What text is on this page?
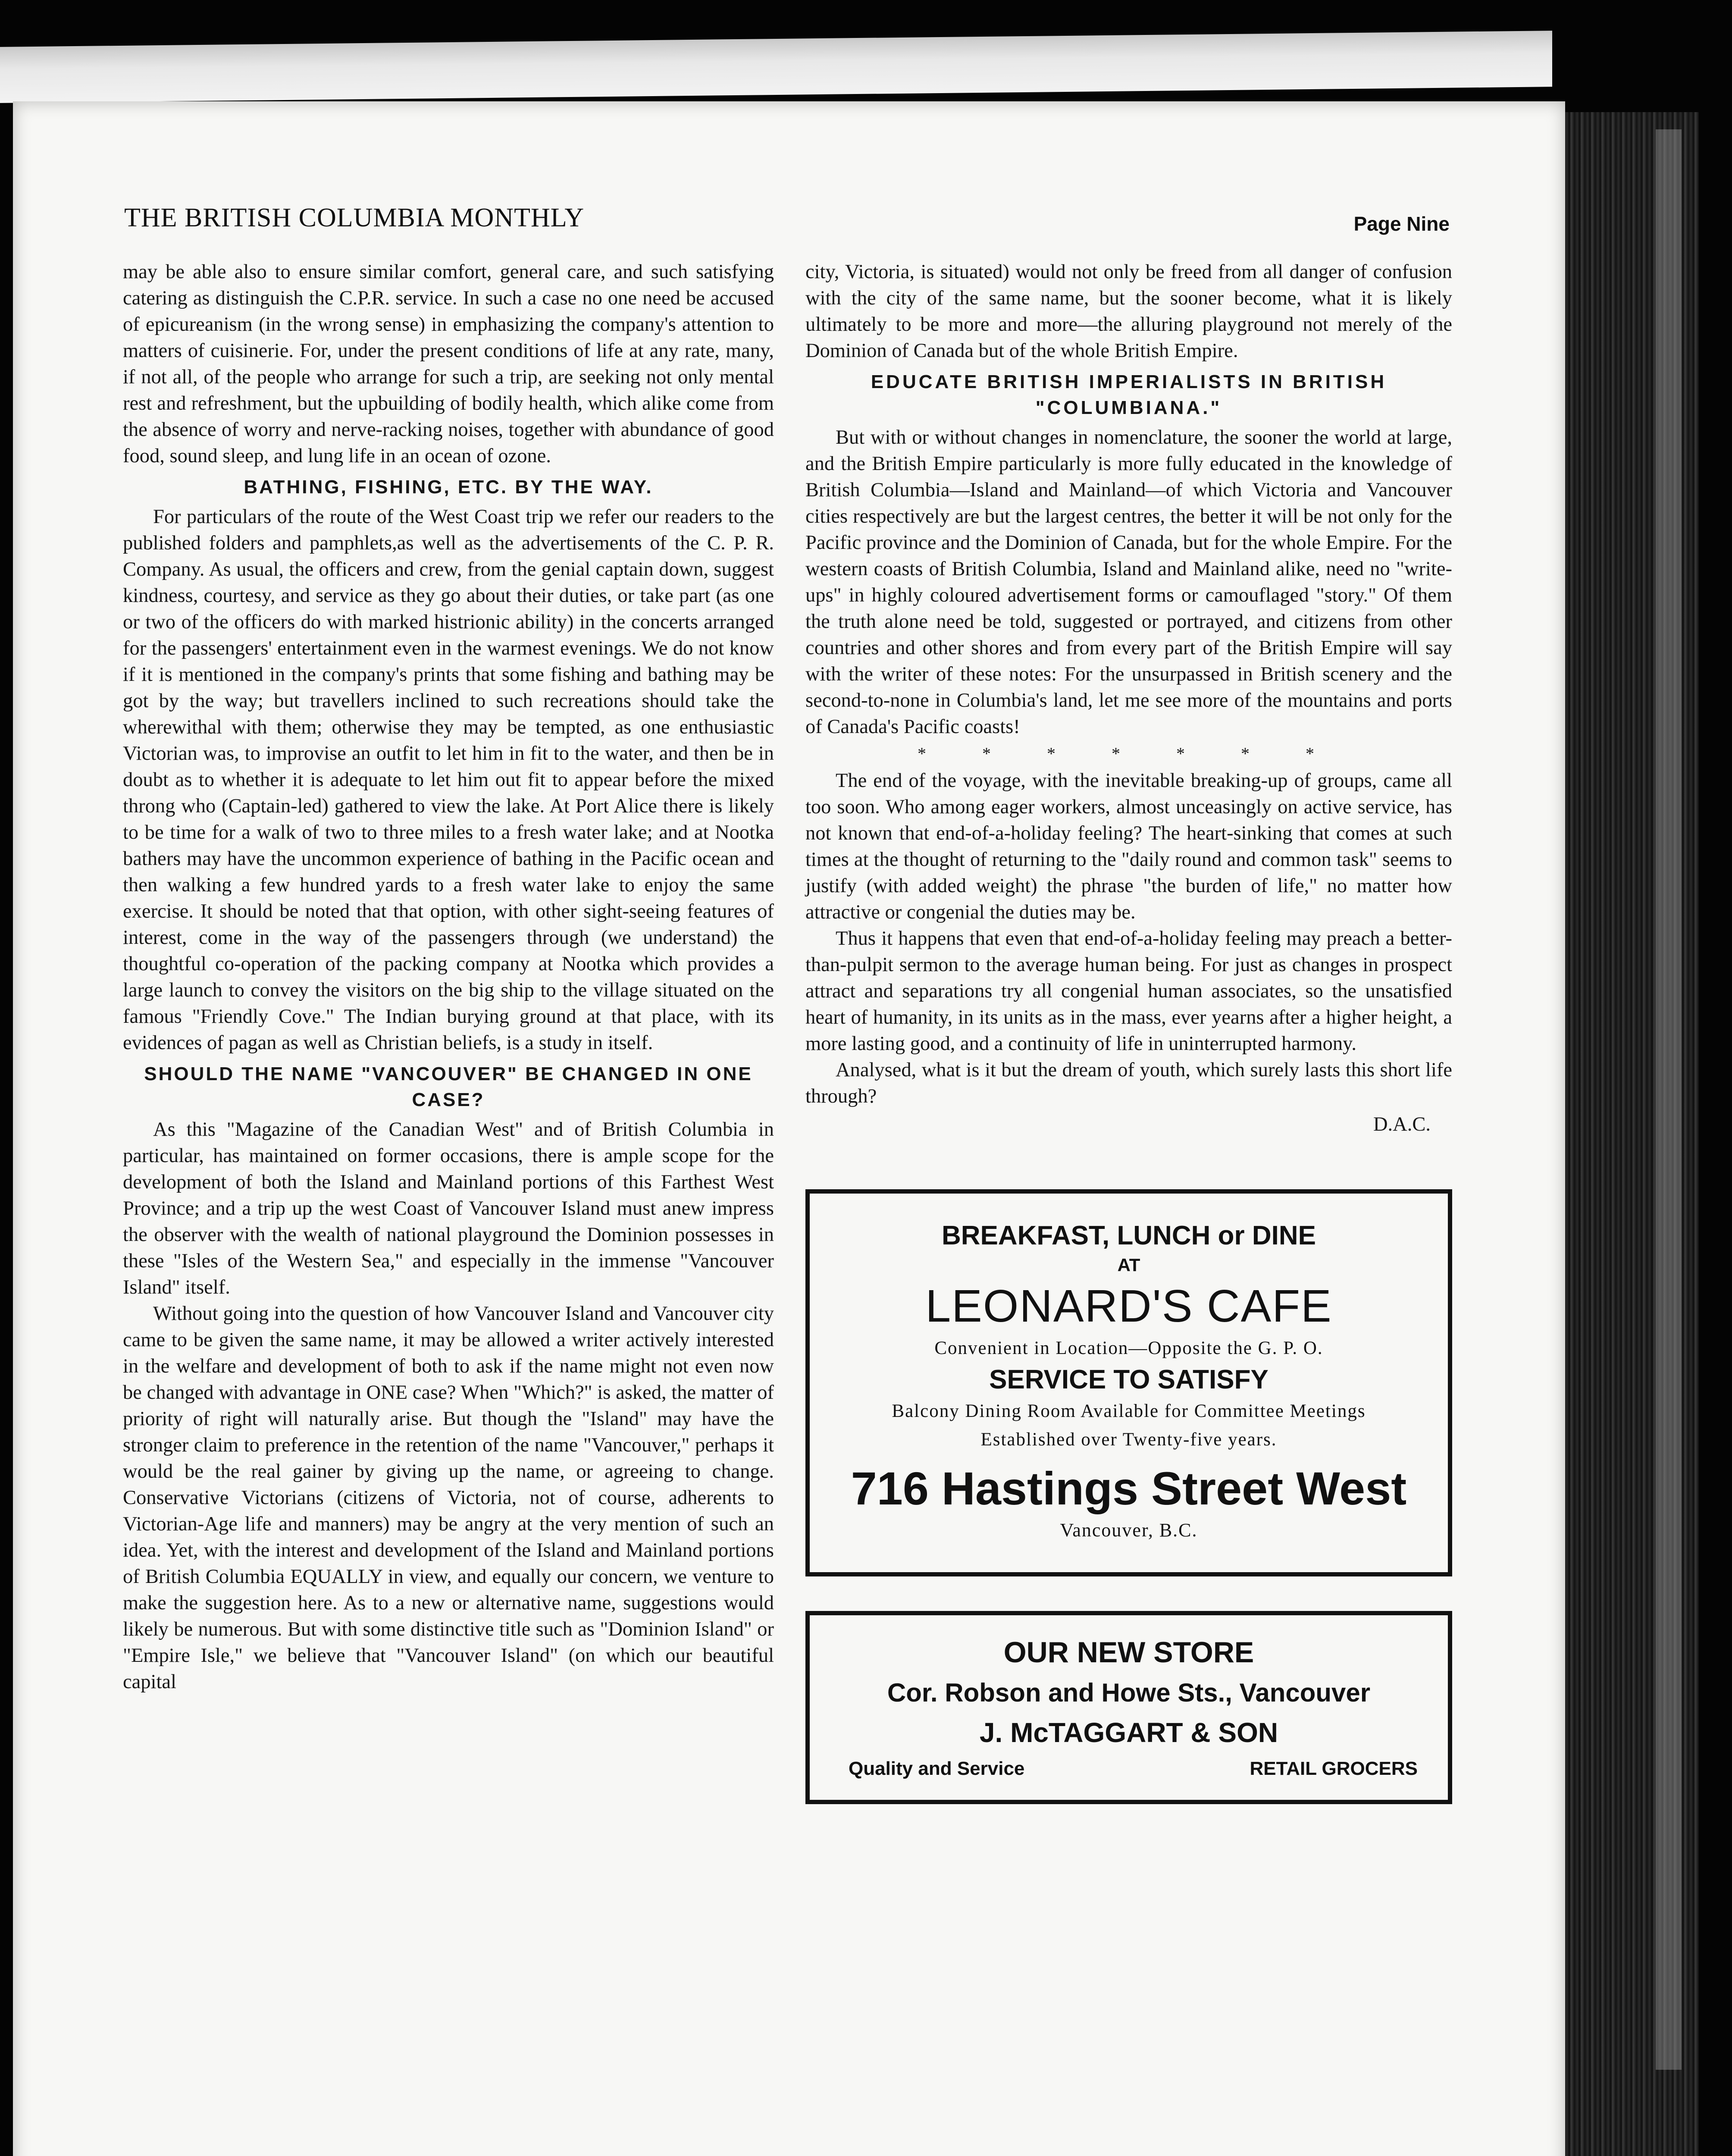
THE BRITISH COLUMBIA MONTHLY	Page Nine

may be able also to ensure similar comfort, general care, and such satisfying catering as distinguish the C.P.R. service. In such a case no one need be accused of epicureanism (in the wrong sense) in emphasizing the company's attention to matters of cuisinerie. For, under the present conditions of life at any rate, many, if not all, of the people who arrange for such a trip, are seeking not only mental rest and refreshment, but the upbuilding of bodily health, which alike come from the absence of worry and nerve-racking noises, together with abundance of good food, sound sleep, and lung life in an ocean of ozone.

BATHING, FISHING, ETC. BY THE WAY.

For particulars of the route of the West Coast trip we refer our readers to the published folders and pamphlets,as well as the advertisements of the C. P. R. Company. As usual, the officers and crew, from the genial captain down, suggest kindness, courtesy, and service as they go about their duties, or take part (as one or two of the officers do with marked histrionic ability) in the concerts arranged for the passengers' entertainment even in the warmest evenings. We do not know if it is mentioned in the company's prints that some fishing and bathing may be got by the way; but travellers inclined to such recreations should take the wherewithal with them; otherwise they may be tempted, as one enthusiastic Victorian was, to improvise an outfit to let him in fit to the water, and then be in doubt as to whether it is adequate to let him out fit to appear before the mixed throng who (Captain-led) gathered to view the lake. At Port Alice there is likely to be time for a walk of two to three miles to a fresh water lake; and at Nootka bathers may have the uncommon experience of bathing in the Pacific ocean and then walking a few hundred yards to a fresh water lake to enjoy the same exercise. It should be noted that that option, with other sight-seeing features of interest, come in the way of the passengers through (we understand) the thoughtful co-operation of the packing company at Nootka which provides a large launch to convey the visitors on the big ship to the village situated on the famous "Friendly Cove." The Indian burying ground at that place, with its evidences of pagan as well as Christian beliefs, is a study in itself.

SHOULD THE NAME "VANCOUVER" BE CHANGED IN ONE CASE?

As this "Magazine of the Canadian West" and of British Columbia in particular, has maintained on former occasions, there is ample scope for the development of both the Island and Mainland portions of this Farthest West Province; and a trip up the west Coast of Vancouver Island must anew impress the observer with the wealth of national playground the Dominion possesses in these "Isles of the Western Sea," and especially in the immense "Vancouver Island" itself.

Without going into the question of how Vancouver Island and Vancouver city came to be given the same name, it may be allowed a writer actively interested in the welfare and development of both to ask if the name might not even now be changed with advantage in ONE case? When "Which?" is asked, the matter of priority of right will naturally arise. But though the "Island" may have the stronger claim to preference in the retention of the name "Vancouver," perhaps it would be the real gainer by giving up the name, or agreeing to change. Conservative Victorians (citizens of Victoria, not of course, adherents to Victorian-Age life and manners) may be angry at the very mention of such an idea. Yet, with the interest and development of the Island and Mainland portions of British Columbia EQUALLY in view, and equally our concern, we venture to make the suggestion here. As to a new or alternative name, suggestions would likely be numerous. But with some distinctive title such as "Dominion Island" or "Empire Isle," we believe that "Vancouver Island" (on which our beautiful capital

city, Victoria, is situated) would not only be freed from all danger of confusion with the city of the same name, but the sooner become, what it is likely ultimately to be more and more—the alluring playground not merely of the Dominion of Canada but of the whole British Empire.

EDUCATE BRITISH IMPERIALISTS IN BRITISH "COLUMBIANA."

But with or without changes in nomenclature, the sooner the world at large, and the British Empire particularly is more fully educated in the knowledge of British Columbia—Island and Mainland—of which Victoria and Vancouver cities respectively are but the largest centres, the better it will be not only for the Pacific province and the Dominion of Canada, but for the whole Empire. For the western coasts of British Columbia, Island and Mainland alike, need no "write-ups" in highly coloured advertisement forms or camouflaged "story." Of them the truth alone need be told, suggested or portrayed, and citizens from other countries and other shores and from every part of the British Empire will say with the writer of these notes: For the unsurpassed in British scenery and the second-to-none in Columbia's land, let me see more of the mountains and ports of Canada's Pacific coasts!

* * * * * * *

The end of the voyage, with the inevitable breaking-up of groups, came all too soon. Who among eager workers, almost unceasingly on active service, has not known that end-of-a-holiday feeling? The heart-sinking that comes at such times at the thought of returning to the "daily round and common task" seems to justify (with added weight) the phrase "the burden of life," no matter how attractive or congenial the duties may be.

Thus it happens that even that end-of-a-holiday feeling may preach a better-than-pulpit sermon to the average human being. For just as changes in prospect attract and separations try all congenial human associates, so the unsatisfied heart of humanity, in its units as in the mass, ever yearns after a higher height, a more lasting good, and a continuity of life in uninterrupted harmony.

Analysed, what is it but the dream of youth, which surely lasts this short life through?

D.A.C.

BREAKFAST, LUNCH or DINE
AT
LEONARD'S CAFE
Convenient in Location—Opposite the G. P. O.
SERVICE TO SATISFY
Balcony Dining Room Available for Committee Meetings
Established over Twenty-five years.
716 Hastings Street West
Vancouver, B.C.
OUR NEW STORE
Cor. Robson and Howe Sts., Vancouver
J. McTAGGART & SON
Quality and Service	RETAIL GROCERS
